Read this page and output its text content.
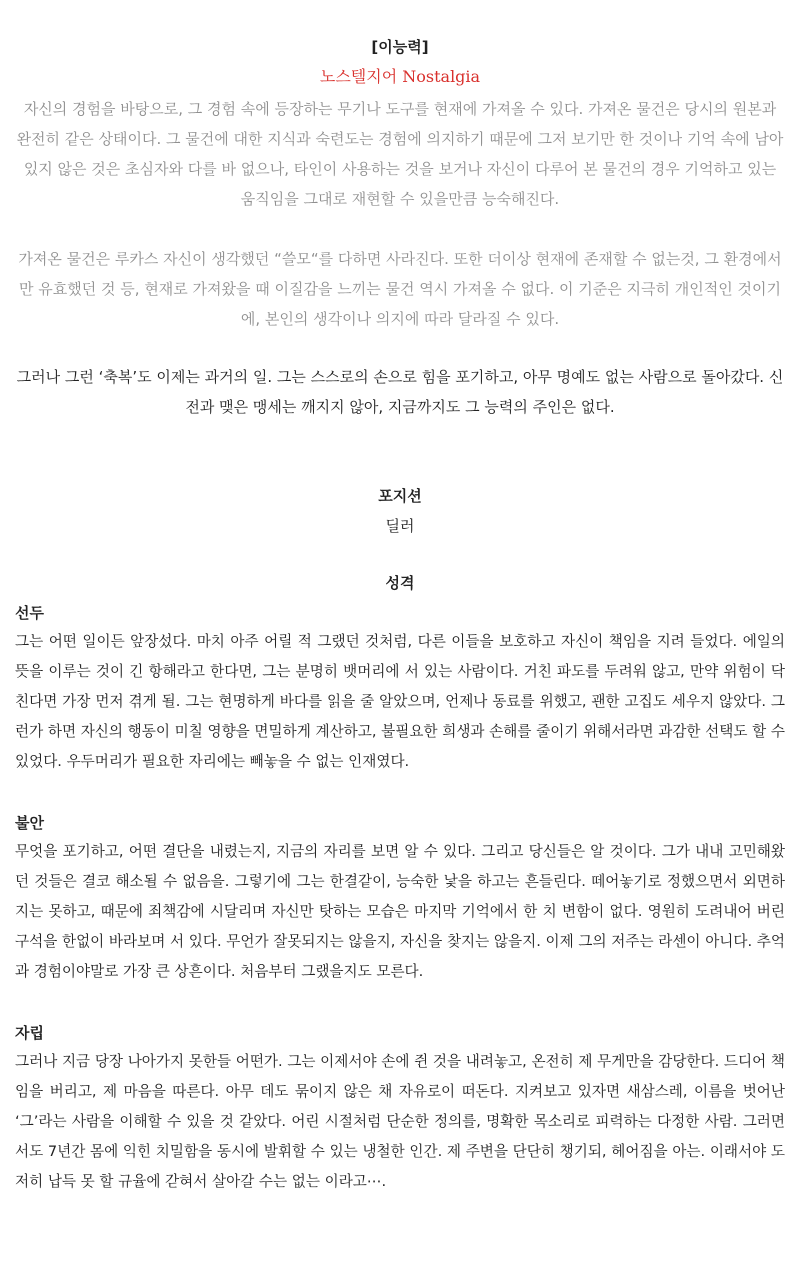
[이능력]
노스텔지어 Nostalgia

자신의 경험을 바탕으로, 그 경험 속에 등장하는 무기나 도구를 현재에 가져올 수 있다. 가져온 물건은 당시의 원본과 완전히 같은 상태이다. 그 물건에 대한 지식과 숙련도는 경험에 의지하기 때문에 그저 보기만 한 것이나 기억 속에 남아 있지 않은 것은 초심자와 다를 바 없으나, 타인이 사용하는 것을 보거나 자신이 다루어 본 물건의 경우 기억하고 있는 움직임을 그대로 재현할 수 있을만큼 능숙해진다.

가져온 물건은 루카스 자신이 생각했던 “쓸모“를 다하면 사라진다. 또한 더이상 현재에 존재할 수 없는것, 그 환경에서만 유효했던 것 등, 현재로 가져왔을 때 이질감을 느끼는 물건 역시 가져올 수 없다. 이 기준은 지극히 개인적인 것이기에, 본인의 생각이나 의지에 따라 달라질 수 있다.

그러나 그런 ‘축복’도 이제는 과거의 일. 그는 스스로의 손으로 힘을 포기하고, 아무 명예도 없는 사람으로 돌아갔다. 신전과 맺은 맹세는 깨지지 않아, 지금까지도 그 능력의 주인은 없다.

포지션
딜러
성격
선두

그는 어떤 일이든 앞장섰다. 마치 아주 어릴 적 그랬던 것처럼, 다른 이들을 보호하고 자신이 책임을 지려 들었다. 에일의 뜻을 이루는 것이 긴 항해라고 한다면, 그는 분명히 뱃머리에 서 있는 사람이다. 거친 파도를 두려워 않고, 만약 위험이 닥친다면 가장 먼저 겪게 될. 그는 현명하게 바다를 읽을 줄 알았으며, 언제나 동료를 위했고, 괜한 고집도 세우지 않았다. 그런가 하면 자신의 행동이 미칠 영향을 면밀하게 계산하고, 불필요한 희생과 손해를 줄이기 위해서라면 과감한 선택도 할 수 있었다. 우두머리가 필요한 자리에는 빼놓을 수 없는 인재였다.

불안

무엇을 포기하고, 어떤 결단을 내렸는지, 지금의 자리를 보면 알 수 있다. 그리고 당신들은 알 것이다. 그가 내내 고민해왔던 것들은 결코 해소될 수 없음을. 그렇기에 그는 한결같이, 능숙한 낯을 하고는 흔들린다. 떼어놓기로 정했으면서 외면하지는 못하고, 때문에 죄책감에 시달리며 자신만 탓하는 모습은 마지막 기억에서 한 치 변함이 없다. 영원히 도려내어 버린 구석을 한없이 바라보며 서 있다. 무언가 잘못되지는 않을지, 자신을 찾지는 않을지. 이제 그의 저주는 라센이 아니다. 추억과 경험이야말로 가장 큰 상흔이다. 처음부터 그랬을지도 모른다.

자립

그러나 지금 당장 나아가지 못한들 어떤가. 그는 이제서야 손에 쥔 것을 내려놓고, 온전히 제 무게만을 감당한다. 드디어 책임을 버리고, 제 마음을 따른다. 아무 데도 묶이지 않은 채 자유로이 떠돈다. 지켜보고 있자면 새삼스레, 이름을 벗어난 ‘그’라는 사람을 이해할 수 있을 것 같았다. 어린 시절처럼 단순한 정의를, 명확한 목소리로 피력하는 다정한 사람. 그러면서도 7년간 몸에 익힌 치밀함을 동시에 발휘할 수 있는 냉철한 인간. 제 주변을 단단히 챙기되, 헤어짐을 아는. 이래서야 도저히 납득 못 할 규율에 갇혀서 살아갈 수는 없는 이라고⋯.
